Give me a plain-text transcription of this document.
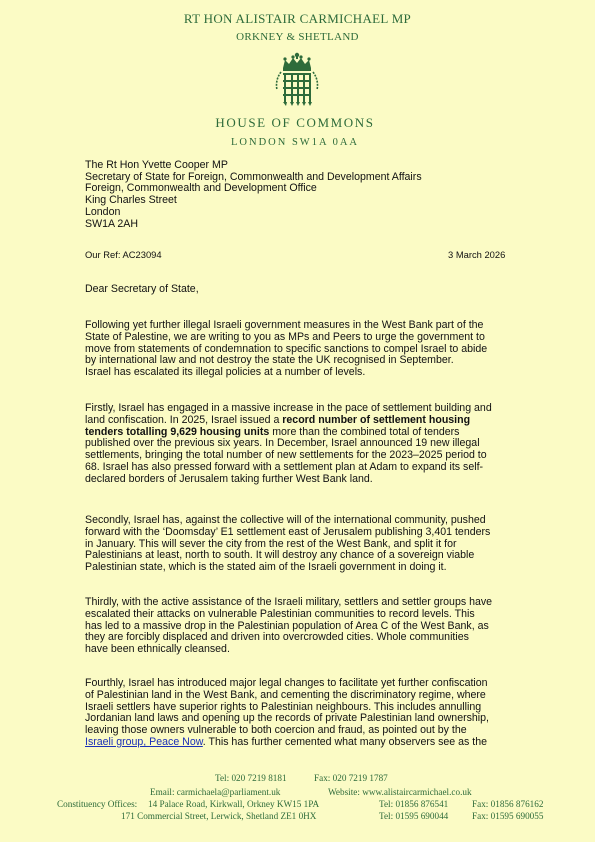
RT HON ALISTAIR CARMICHAEL MP
ORKNEY & SHETLAND
HOUSE OF COMMONS
LONDON SW1A 0AA
The Rt Hon Yvette Cooper MP
Secretary of State for Foreign, Commonwealth and Development Affairs
Foreign, Commonwealth and Development Office
King Charles Street
London
SW1A 2AH
Our Ref: AC23094	3 March 2026
Dear Secretary of State,
Following yet further illegal Israeli government measures in the West Bank part of the
State of Palestine, we are writing to you as MPs and Peers to urge the government to
move from statements of condemnation to specific sanctions to compel Israel to abide
by international law and not destroy the state the UK recognised in September.
Israel has escalated its illegal policies at a number of levels.
Firstly, Israel has engaged in a massive increase in the pace of settlement building and
land confiscation. In 2025, Israel issued a record number of settlement housing
tenders totalling 9,629 housing units more than the combined total of tenders
published over the previous six years. In December, Israel announced 19 new illegal
settlements, bringing the total number of new settlements for the 2023–2025 period to
68. Israel has also pressed forward with a settlement plan at Adam to expand its self-
declared borders of Jerusalem taking further West Bank land.
Secondly, Israel has, against the collective will of the international community, pushed
forward with the ‘Doomsday’ E1 settlement east of Jerusalem publishing 3,401 tenders
in January. This will sever the city from the rest of the West Bank, and split it for
Palestinians at least, north to south. It will destroy any chance of a sovereign viable
Palestinian state, which is the stated aim of the Israeli government in doing it.
Thirdly, with the active assistance of the Israeli military, settlers and settler groups have
escalated their attacks on vulnerable Palestinian communities to record levels. This
has led to a massive drop in the Palestinian population of Area C of the West Bank, as
they are forcibly displaced and driven into overcrowded cities. Whole communities
have been ethnically cleansed.
Fourthly, Israel has introduced major legal changes to facilitate yet further confiscation
of Palestinian land in the West Bank, and cementing the discriminatory regime, where
Israeli settlers have superior rights to Palestinian neighbours. This includes annulling
Jordanian land laws and opening up the records of private Palestinian land ownership,
leaving those owners vulnerable to both coercion and fraud, as pointed out by the
Israeli group, Peace Now. This has further cemented what many observers see as the
Tel: 020 7219 8181	Fax: 020 7219 1787
Email: carmichaela@parliament.uk	Website: www.alistaircarmichael.co.uk
Constituency Offices: 14 Palace Road, Kirkwall, Orkney KW15 1PA	Tel: 01856 876541	Fax: 01856 876162
171 Commercial Street, Lerwick, Shetland ZE1 0HX	Tel: 01595 690044	Fax: 01595 690055
